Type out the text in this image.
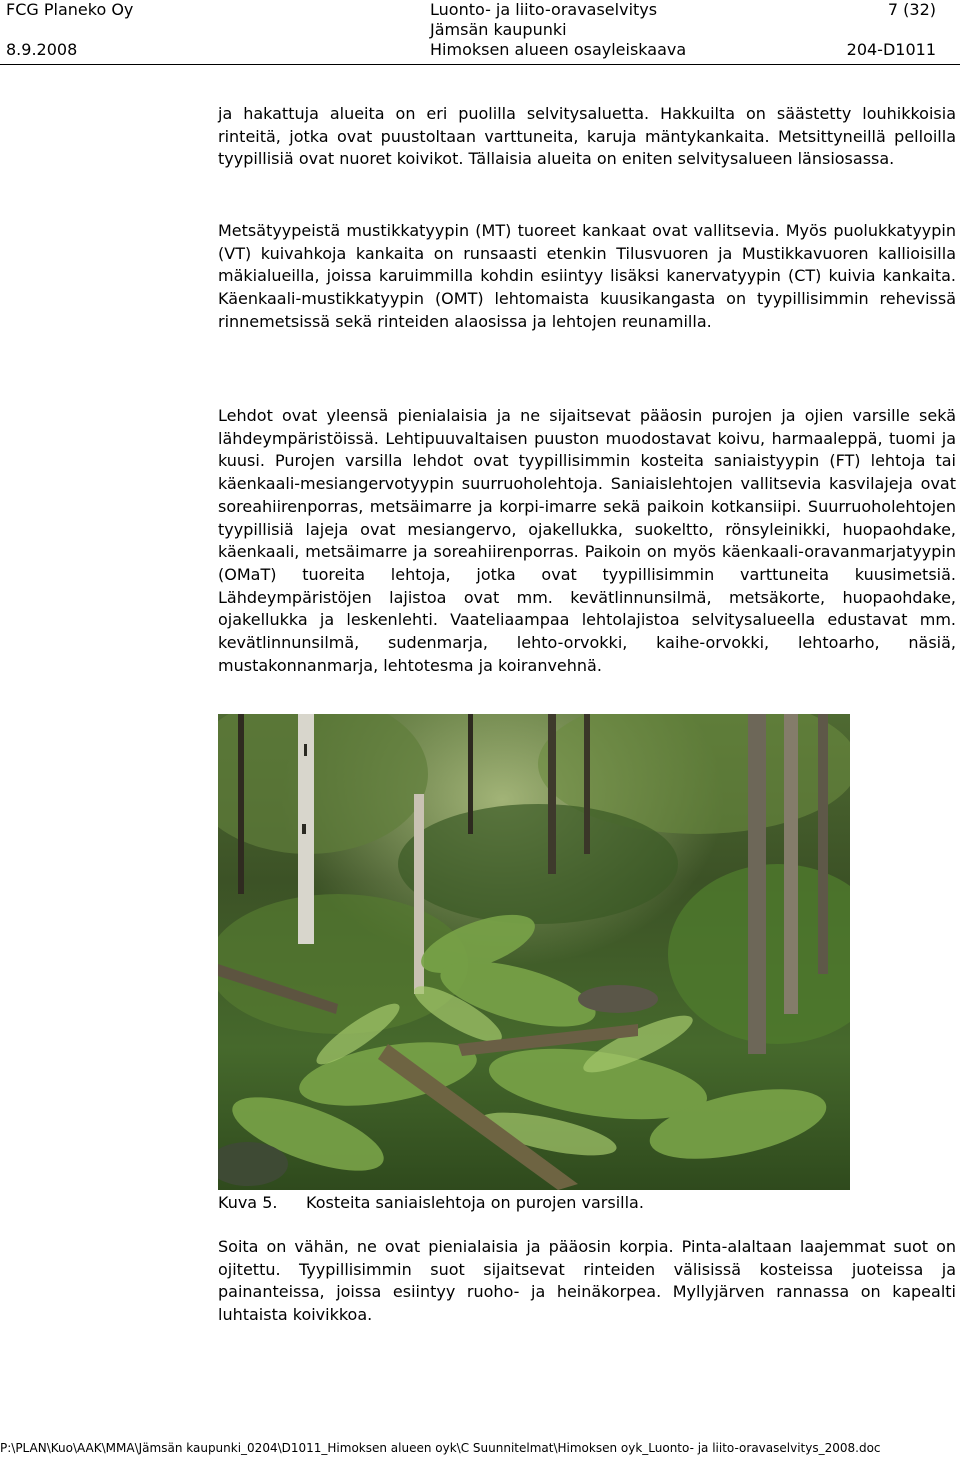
FCG Planeko Oy
8.9.2008
Luonto- ja liito-oravaselvitys
Jämsän kaupunki
Himoksen alueen osayleiskaava
7 (32)
204-D1011
ja hakattuja alueita on eri puolilla selvitysaluetta. Hakkuilta on säästetty louhikkoisia rinteitä, jotka ovat puustoltaan varttuneita, karuja mäntykankaita. Metsittyneillä pelloilla tyypillisiä ovat nuoret koivikot. Tällaisia alueita on eniten selvitysalueen länsiosassa.
Metsätyypeistä mustikkatyypin (MT) tuoreet kankaat ovat vallitsevia. Myös puolukkatyypin (VT) kuivahkoja kankaita on runsaasti etenkin Tilusvuoren ja Mustikkavuoren kallioisilla mäkialueilla, joissa karuimmilla kohdin esiintyy lisäksi kanervatyypin (CT) kuivia kankaita. Käenkaali-mustikkatyypin (OMT) lehtomaista kuusikangasta on tyypillisimmin rehevissä rinnemetsissä sekä rinteiden alaosissa ja lehtojen reunamilla.
Lehdot ovat yleensä pienialaisia ja ne sijaitsevat pääosin purojen ja ojien varsille sekä lähdeympäristöissä. Lehtipuuvaltaisen puuston muodostavat koivu, harmaaleppä, tuomi ja kuusi. Purojen varsilla lehdot ovat tyypillisimmin kosteita saniaistyypin (FT) lehtoja tai käenkaali-mesiangervotyypin suurruoholehtoja. Saniaislehtojen vallitsevia kasvilajeja ovat soreahiirenporras, metsäimarre ja korpi-imarre sekä paikoin kotkansiipi. Suurruoholehtojen tyypillisiä lajeja ovat mesiangervo, ojakellukka, suokeltto, rönsyleinikki, huopaohdake, käenkaali, metsäimarre ja soreahiirenporras. Paikoin on myös käenkaali-oravanmarjatyypin (OMaT) tuoreita lehtoja, jotka ovat tyypillisimmin varttuneita kuusimetsiä. Lähdeympäristöjen lajistoa ovat mm. kevätlinnunsilmä, metsäkorte, huopaohdake, ojakellukka ja leskenlehti. Vaateliaampaa lehtolajistoa selvitysalueella edustavat mm. kevätlinnunsilmä, sudenmarja, lehto-orvokki, kaihe-orvokki, lehtoarho, näsiä, mustakonnanmarja, lehtotesma ja koiranvehnä.
Kuva 5. Kosteita saniaislehtoja on purojen varsilla.
Soita on vähän, ne ovat pienialaisia ja pääosin korpia. Pinta-alaltaan laajemmat suot on ojitettu. Tyypillisimmin suot sijaitsevat rinteiden välisissä kosteissa juoteissa ja painanteissa, joissa esiintyy ruoho- ja heinäkorpea. Myllyjärven rannassa on kapealti luhtaista koivikkoa.
P:\PLAN\Kuo\AAK\MMA\Jämsän kaupunki_0204\D1011_Himoksen alueen oyk\C Suunnitelmat\Himoksen oyk_Luonto- ja liito-oravaselvitys_2008.doc
